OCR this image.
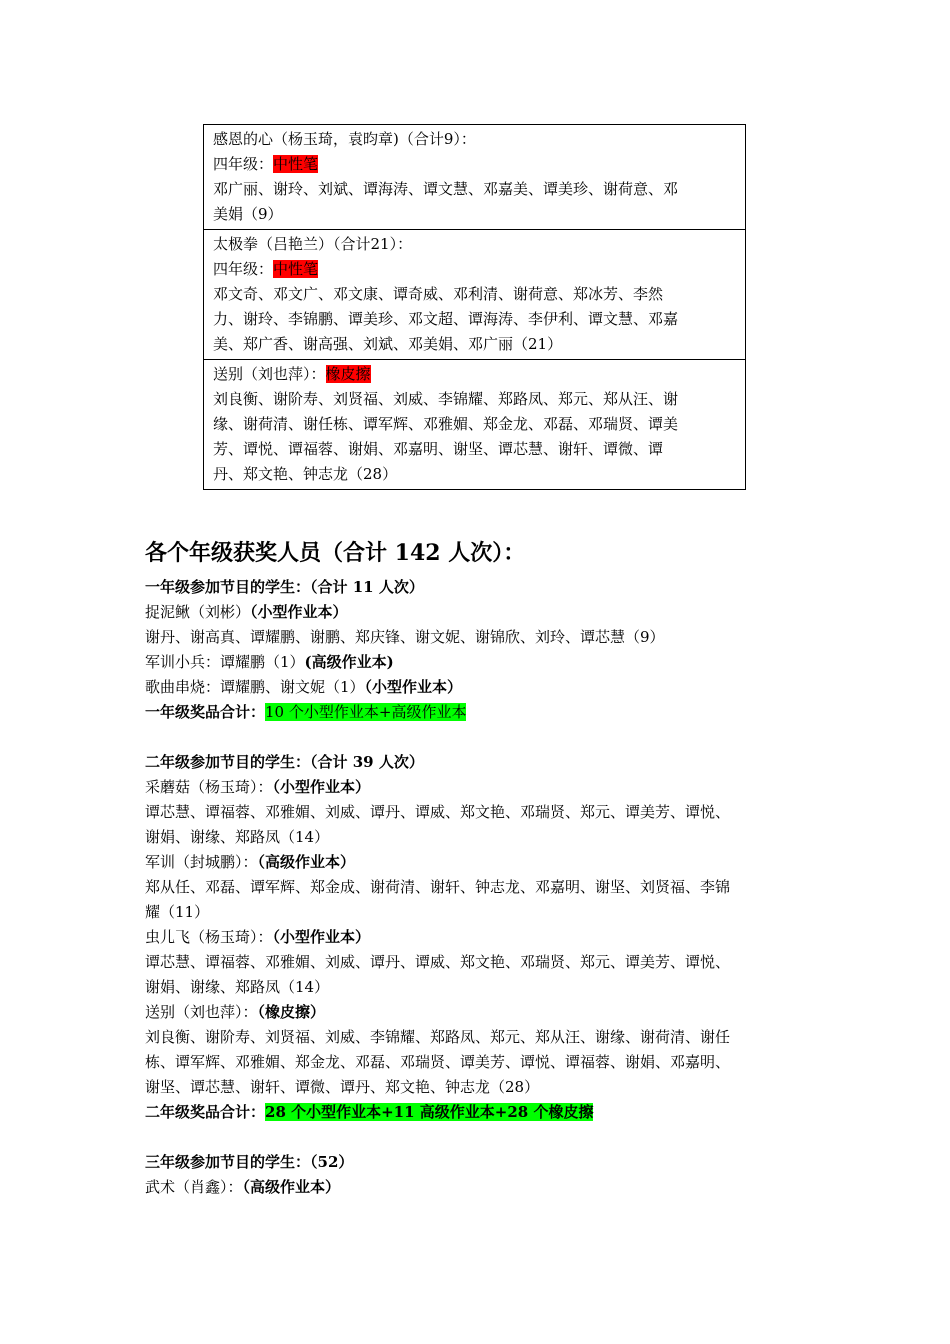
感恩的心（杨玉琦，袁昀章)（合计9）：
四年级：中性笔
邓广丽、谢玲、刘斌、谭海涛、谭文慧、邓嘉美、谭美珍、谢荷意、邓
美娟（9）
太极拳（吕艳兰）（合计21）：
四年级：中性笔
邓文奇、邓文广、邓文康、谭奇威、邓利清、谢荷意、郑冰芳、李然
力、谢玲、李锦鹏、谭美珍、邓文超、谭海涛、李伊利、谭文慧、邓嘉
美、郑广香、谢高强、刘斌、邓美娟、邓广丽（21）
送别（刘也萍）：橡皮擦
刘良衡、谢阶寿、刘贤福、刘威、李锦耀、郑路凤、郑元、郑从汪、谢
缘、谢荷清、谢任栋、谭军辉、邓雅媚、郑金龙、邓磊、邓瑞贤、谭美
芳、谭悦、谭福蓉、谢娟、邓嘉明、谢坚、谭芯慧、谢轩、谭微、谭
丹、郑文艳、钟志龙（28）
各个年级获奖人员（合计 142 人次）：
一年级参加节目的学生：（合计 11 人次）
捉泥鳅（刘彬）（小型作业本）
谢丹、谢高真、谭耀鹏、谢鹏、郑庆锋、谢文妮、谢锦欣、刘玲、谭芯慧（9）
军训小兵：谭耀鹏（1）(高级作业本)
歌曲串烧：谭耀鹏、谢文妮（1）（小型作业本）
一年级奖品合计：10 个小型作业本+高级作业本
二年级参加节目的学生：（合计 39 人次）
采蘑菇（杨玉琦）：（小型作业本）
谭芯慧、谭福蓉、邓雅媚、刘威、谭丹、谭威、郑文艳、邓瑞贤、郑元、谭美芳、谭悦、
谢娟、谢缘、郑路凤（14）
军训（封城鹏）：（高级作业本）
郑从任、邓磊、谭军辉、郑金成、谢荷清、谢轩、钟志龙、邓嘉明、谢坚、刘贤福、李锦
耀（11）
虫儿飞（杨玉琦）：（小型作业本）
谭芯慧、谭福蓉、邓雅媚、刘威、谭丹、谭威、郑文艳、邓瑞贤、郑元、谭美芳、谭悦、
谢娟、谢缘、郑路凤（14）
送别（刘也萍）：（橡皮擦）
刘良衡、谢阶寿、刘贤福、刘威、李锦耀、郑路凤、郑元、郑从汪、谢缘、谢荷清、谢任
栋、谭军辉、邓雅媚、郑金龙、邓磊、邓瑞贤、谭美芳、谭悦、谭福蓉、谢娟、邓嘉明、
谢坚、谭芯慧、谢轩、谭微、谭丹、郑文艳、钟志龙（28）
二年级奖品合计：28 个小型作业本+11 高级作业本+28 个橡皮擦
三年级参加节目的学生：（52）
武术（肖鑫）：（高级作业本）
